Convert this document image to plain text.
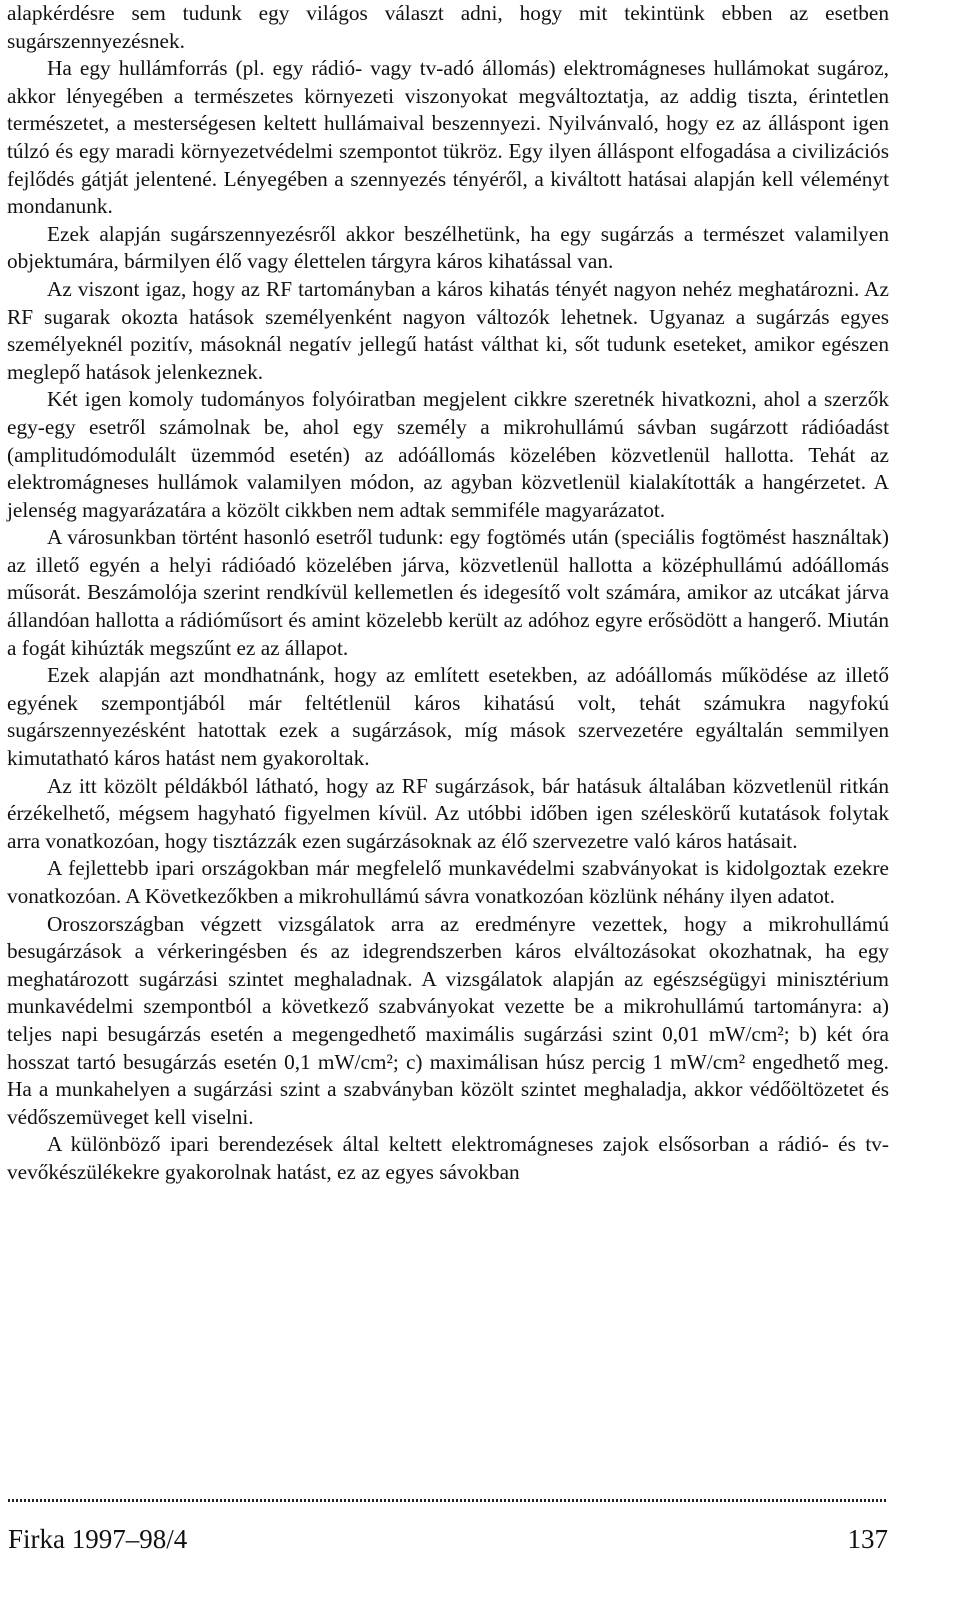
alapkérdésre sem tudunk egy világos választ adni, hogy mit tekintünk ebben az esetben sugárszennyezésnek.

Ha egy hullámforrás (pl. egy rádió- vagy tv-adó állomás) elektromágneses hullámokat sugároz, akkor lényegében a természetes környezeti viszonyokat megváltoztatja, az addig tiszta, érintetlen természetet, a mesterségesen keltett hullámaival beszennyezi. Nyilvánvaló, hogy ez az álláspont igen túlzó és egy maradi környezetvédelmi szempontot tükröz. Egy ilyen álláspont elfogadása a civilizációs fejlődés gátját jelentené. Lényegében a szennyezés tényéről, a kiváltott hatásai alapján kell véleményt mondanunk.

Ezek alapján sugárszennyezésről akkor beszélhetünk, ha egy sugárzás a természet valamilyen objektumára, bármilyen élő vagy élettelen tárgyra káros kihatással van.

Az viszont igaz, hogy az RF tartományban a káros kihatás tényét nagyon nehéz meghatározni. Az RF sugarak okozta hatások személyenként nagyon változók lehetnek. Ugyanaz a sugárzás egyes személyeknél pozitív, másoknál negatív jellegű hatást válthat ki, sőt tudunk eseteket, amikor egészen meglepő hatások jelenkeznek.

Két igen komoly tudományos folyóiratban megjelent cikkre szeretnék hivatkozni, ahol a szerzők egy-egy esetről számolnak be, ahol egy személy a mikrohullámú sávban sugárzott rádióadást (amplitudómodulált üzemmód esetén) az adóállomás közelében közvetlenül hallotta. Tehát az elektromágneses hullámok valamilyen módon, az agyban közvetlenül kialakították a hangérzetet. A jelenség magyarázatára a közölt cikkben nem adtak semmiféle magyarázatot.

A városunkban történt hasonló esetről tudunk: egy fogtömés után (speciális fogtömést használtak) az illető egyén a helyi rádióadó közelében járva, közvetlenül hallotta a középhullámú adóállomás műsorát. Beszámolója szerint rendkívül kellemetlen és idegesítő volt számára, amikor az utcákat járva állandóan hallotta a rádióműsort és amint közelebb került az adóhoz egyre erősödött a hangerő. Miután a fogát kihúzták megszűnt ez az állapot.

Ezek alapján azt mondhatnánk, hogy az említett esetekben, az adóállomás működése az illető egyének szempontjából már feltétlenül káros kihatású volt, tehát számukra nagyfokú sugárszennyezésként hatottak ezek a sugárzások, míg mások szervezetére egyáltalán semmilyen kimutatható káros hatást nem gyakoroltak.

Az itt közölt példákból látható, hogy az RF sugárzások, bár hatásuk általában közvetlenül ritkán érzékelhető, mégsem hagyható figyelmen kívül. Az utóbbi időben igen széleskörű kutatások folytak arra vonatkozóan, hogy tisztázzák ezen sugárzásoknak az élő szervezetre való káros hatásait.

A fejlettebb ipari országokban már megfelelő munkavédelmi szabványokat is kidolgoztak ezekre vonatkozóan. A Következőkben a mikrohullámú sávra vonatkozóan közlünk néhány ilyen adatot.

Oroszországban végzett vizsgálatok arra az eredményre vezettek, hogy a mikrohullámú besugárzások a vérkeringésben és az idegrendszerben káros elváltozásokat okozhatnak, ha egy meghatározott sugárzási szintet meghaladnak. A vizsgálatok alapján az egészségügyi minisztérium munkavédelmi szempontból a következő szabványokat vezette be a mikrohullámú tartományra: a) teljes napi besugárzás esetén a megengedhető maximális sugárzási szint 0,01 mW/cm²; b) két óra hosszat tartó besugárzás esetén 0,1 mW/cm²; c) maximálisan húsz percig 1 mW/cm² engedhető meg. Ha a munkahelyen a sugárzási szint a szabványban közölt szintet meghaladja, akkor védőöltözetet és védőszemüveget kell viselni.

A különböző ipari berendezések által keltett elektromágneses zajok elsősorban a rádió- és tv-vevőkészülékekre gyakorolnak hatást, ez az egyes sávokban

Firka 1997–98/4	137
